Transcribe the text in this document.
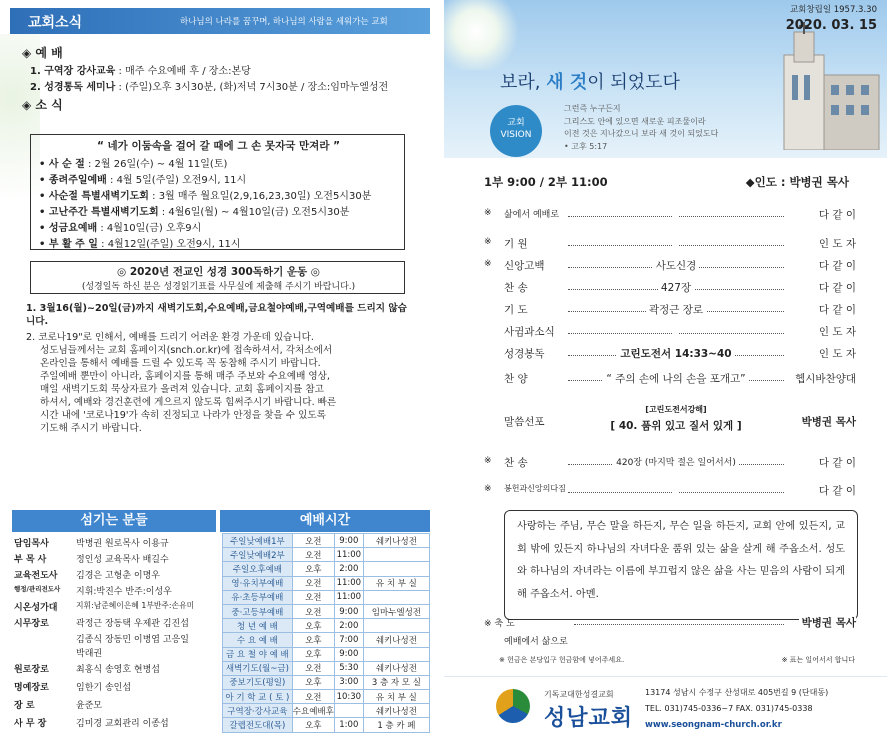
교회소식	하나님의 나라를 꿈꾸며, 하나님의 사람을 세워가는 교회
◈ 예 배
1. 구역장 강사교육 : 매주 수요예배 후 / 장소:본당
2. 성경통독 세미나 : (주일)오후 3시30분, (화)저녁 7시30분 / 장소:임마누엘성전
◈ 소 식
“ 네가 이둠속을 걸어 갈 때에 그 손 못자국 만져라 ”
• 사 순 절 : 2월 26일(수) ~ 4월 11일(토)
• 종려주일예배 : 4월 5일(주일) 오전9시, 11시
• 사순절 특별새벽기도회 : 3월 매주 월요일(2,9,16,23,30일) 오전5시30분
• 고난주간 특별새벽기도회 : 4월6일(월) ~ 4월10일(금) 오전5시30분
• 성금요예배 : 4월10일(금) 오후9시
• 부 활 주 일 : 4월12일(주일) 오전9시, 11시
◎ 2020년 전교인 성경 300독하기 운동 ◎
(성경일독 하신 분은 성경읽기표를 사무실에 제출해 주시기 바랍니다.)
1. 3월16(월)~20일(금)까지 새벽기도회,수요예배,금요철야예배,구역예배를 드리지 않습니다.
2. 코로나19"로 인해서, 예배를 드리기 어려운 환경 가운데 있습니다.
성도님들께서는 교회 홈페이지(snch.or.kr)에 접속하셔서, 각처소에서
온라인을 통해서 예배를 드릴 수 있도록 꼭 동참해 주시기 바랍니다.
주일예배 뿐만이 아니라, 홈페이지를 통해 매주 주보와 수요예배 영상,
매일 새벽기도회 묵상자료가 올려져 있습니다. 교회 홈페이지를 참고
하셔서, 예배와 경건훈련에 게으르지 않도록 힘써주시기 바랍니다. 빠른
시간 내에 '코로나19'가 속히 진정되고 나라가 안정을 찾을 수 있도록
기도해 주시기 바랍니다.
섬기는 분들	예배시간
담임목사	박병권 원로목사 이용규
부 목 사	정인성 교육목사 배길수
교육전도사 김경은 고형춘 이명우
행정/관리전도사 지휘:박진수 반주:이성우
시온성가대 지휘:남준혜이은혜 1부반주:손유미
시무장로	곽정근 장동택 우제관 김진섭
김종식 장동민 이병엽 고응일
박래권
원로장로	최홍식 송영호 현병섭
명예장로	임한기 송인섭
장 로	윤준모
사 무 장	김미경 교회관리 이종섭
주일낮예배1부	오전	9:00	쉐키나성전
주일낮예배2부	오전	11:00	
주일오후예배	오후	2:00	
영·유치부예배	오전	11:00	유 치 부 실
유·초등부예배	오전	11:00	
중·고등부예배	오전	9:00	임마누엘성전
청 년 예 배	오후	2:00	
수 요 예 배	오후	7:00	쉐키나성전
금 요 철 야 예 배	오후	9:00	
새벽기도(월~금)	오전	5:30	쉐키나성전
중보기도(평일)	오후	3:00	3 층 자 모 실
아 기 학 교 ( 토 )	오전	10:30	유 치 부 실
구역장·강사교육	수요예배후		쉐키나성전
갈렙전도대(목)	오후	1:00	1 층 카 페
교회창립일 1957.3.30
2020. 03. 15
보라, 새 것이 되었도다
교회
VISION
그런즉 누구든지
그리스도 안에 있으면 새로운 피조물이라
이전 것은 지나갔으니 보라 새 것이 되었도다
• 고후 5:17
1부 9:00 / 2부 11:00	◆인도 : 박병권 목사
※ 삶에서 예배로	다 같 이
※ 기 원	인 도 자
※ 신앙고백	사도신경	다 같 이
찬 송	427장	다 같 이
기 도	곽정근 장로	다 같 이
사귐과소식	인 도 자
성경봉독	고린도전서 14:33~40	인 도 자
찬 양	“ 주의 손에 나의 손을 포개고”	헵시바찬양대
※ 찬 송	420장 (마지막 절은 일어서서)	다 같 이
※ 봉헌과신앙의다짐	다 같 이
말씀선포
[고린도전서강해]
[ 40. 품위 있고 질서 있게 ]	박병권 목사
사랑하는 주님, 무슨 말을 하든지, 무슨 일을 하든지, 교회 안에 있든지, 교회 밖에 있든지 하나님의 자녀다운 품위 있는 삶을 살게 해 주옵소서. 성도와 하나님의 자녀라는 이름에 부끄럽지 않은 삶을 사는 믿음의 사람이 되게 해 주옵소서. 아멘.
※ 축 도	박병권 목사
예배에서 삶으로
※ 헌금은 본당입구 헌금함에 넣어주세요.	※ 표는 일어서서 합니다
기독교대한성결교회
성남교회
13174 성남시 수정구 산성대로 405번길 9 (단대동)
TEL. 031)745-0336~7 FAX. 031)745-0338
www.seongnam-church.or.kr
